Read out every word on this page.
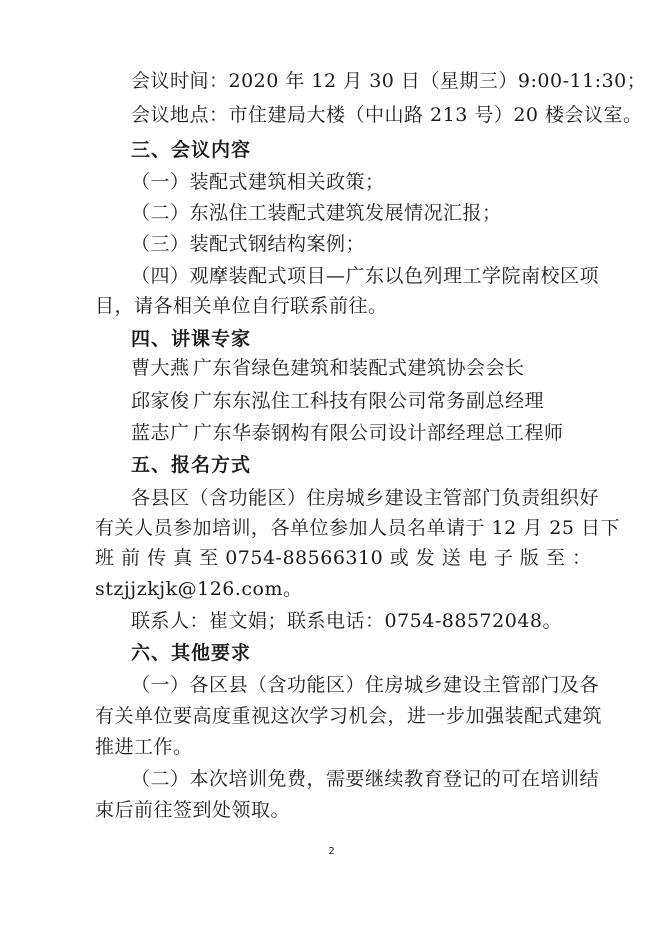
会议时间：2020 年 12 月 30 日（星期三）9:00-11:30；
会议地点：市住建局大楼（中山路 213 号）20 楼会议室。
三、会议内容
（一）装配式建筑相关政策；
（二）东泓住工装配式建筑发展情况汇报；
（三）装配式钢结构案例；
（四）观摩装配式项目—广东以色列理工学院南校区项
目，请各相关单位自行联系前往。
四、讲课专家
曹大燕 广东省绿色建筑和装配式建筑协会会长
邱家俊 广东东泓住工科技有限公司常务副总经理
蓝志广 广东华泰钢构有限公司设计部经理总工程师
五、报名方式
各县区（含功能区）住房城乡建设主管部门负责组织好
有关人员参加培训，各单位参加人员名单请于 12 月 25 日下
班 前 传 真 至 0754-88566310 或 发 送 电 子 版 至 ：
stzjjzkjk@126.com。
联系人：崔文娟；联系电话：0754-88572048。
六、其他要求
（一）各区县（含功能区）住房城乡建设主管部门及各
有关单位要高度重视这次学习机会，进一步加强装配式建筑
推进工作。
（二）本次培训免费，需要继续教育登记的可在培训结
束后前往签到处领取。
2
